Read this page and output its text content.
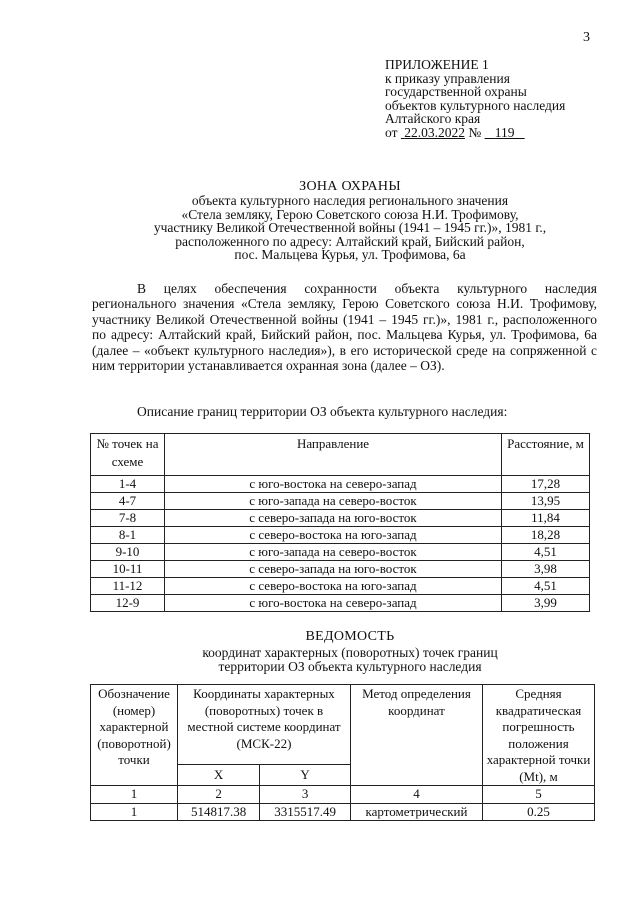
3
ПРИЛОЖЕНИЕ 1
к приказу управления
государственной охраны
объектов культурного наследия
Алтайского края
от  22.03.2022 №    119
ЗОНА ОХРАНЫ
объекта культурного наследия регионального значения
«Стела земляку, Герою Советского союза Н.И. Трофимову,
участнику Великой Отечественной войны (1941 – 1945 гг.)», 1981 г.,
расположенного по адресу: Алтайский край, Бийский район,
пос. Мальцева Курья, ул. Трофимова, 6а

В целях обеспечения сохранности объекта культурного наследия регионального значения «Стела земляку, Герою Советского союза Н.И. Трофимову, участнику Великой Отечественной войны (1941 – 1945 гг.)», 1981 г., расположенного по адресу: Алтайский край, Бийский район, пос. Мальцева Курья, ул. Трофимова, 6а (далее – «объект культурного наследия»), в его исторической среде на сопряженной с ним территории устанавливается охранная зона (далее – ОЗ).

Описание границ территории ОЗ объекта культурного наследия:
№ точек на схеме	Направление	Расстояние, м
1-4	с юго-востока на северо-запад	17,28
4-7	с юго-запада на северо-восток	13,95
7-8	с северо-запада на юго-восток	11,84
8-1	с северо-востока на юго-запад	18,28
9-10	с юго-запада на северо-восток	4,51
10-11	с северо-запада на юго-восток	3,98
11-12	с северо-востока на юго-запад	4,51
12-9	с юго-востока на северо-запад	3,99
ВЕДОМОСТЬ
координат характерных (поворотных) точек границ
территории ОЗ объекта культурного наследия
Обозначение (номер) характерной (поворотной) точки	Координаты характерных (поворотных) точек в местной системе координат (МСК-22)		Метод определения координат	Средняя квадратическая погрешность положения характерной точки (Mt), м
	X	Y		
1	2	3	4	5
1	514817.38	3315517.49	картометрический	0.25
